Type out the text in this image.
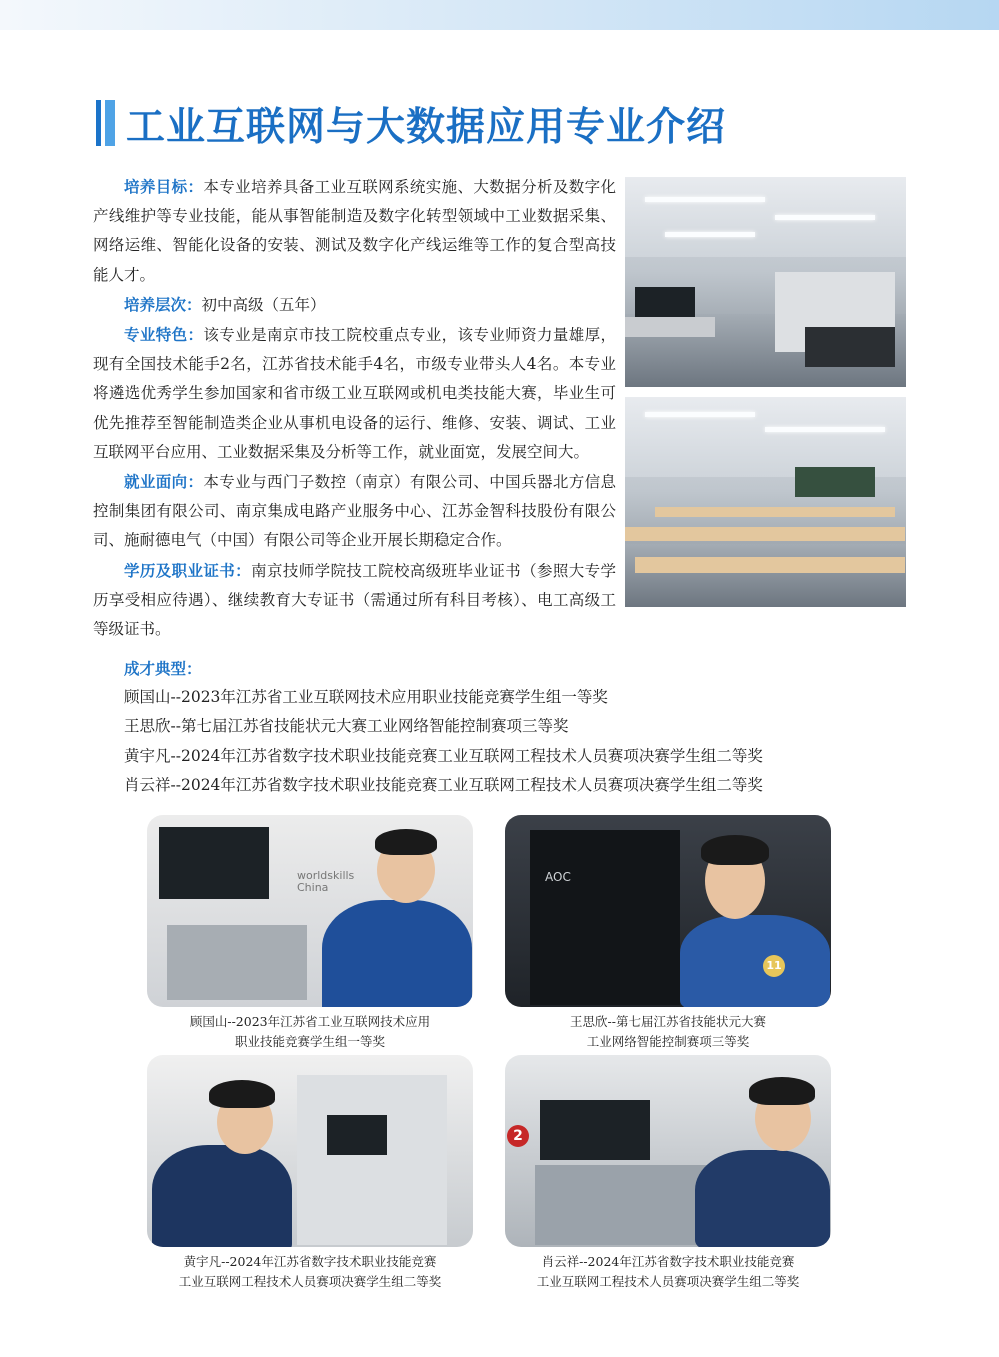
工业互联网与大数据应用专业介绍

培养目标：本专业培养具备工业互联网系统实施、大数据分析及数字化产线维护等专业技能，能从事智能制造及数字化转型领域中工业数据采集、网络运维、智能化设备的安装、测试及数字化产线运维等工作的复合型高技能人才。

培养层次：初中高级（五年）

专业特色：该专业是南京市技工院校重点专业，该专业师资力量雄厚，现有全国技术能手2名，江苏省技术能手4名，市级专业带头人4名。本专业将遴选优秀学生参加国家和省市级工业互联网或机电类技能大赛，毕业生可优先推荐至智能制造类企业从事机电设备的运行、维修、安装、调试、工业互联网平台应用、工业数据采集及分析等工作，就业面宽，发展空间大。

就业面向：本专业与西门子数控（南京）有限公司、中国兵器北方信息控制集团有限公司、南京集成电路产业服务中心、江苏金智科技股份有限公司、施耐德电气（中国）有限公司等企业开展长期稳定合作。

学历及职业证书：南京技师学院技工院校高级班毕业证书（参照大专学历享受相应待遇）、继续教育大专证书（需通过所有科目考核）、电工高级工等级证书。

成才典型：
顾国山--2023年江苏省工业互联网技术应用职业技能竞赛学生组一等奖
王思欣--第七届江苏省技能状元大赛工业网络智能控制赛项三等奖
黄宇凡--2024年江苏省数字技术职业技能竞赛工业互联网工程技术人员赛项决赛学生组二等奖
肖云祥--2024年江苏省数字技术职业技能竞赛工业互联网工程技术人员赛项决赛学生组二等奖
worldskills China
顾国山--2023年江苏省工业互联网技术应用
职业技能竞赛学生组一等奖
AOC
11
王思欣--第七届江苏省技能状元大赛
工业网络智能控制赛项三等奖
黄宇凡--2024年江苏省数字技术职业技能竞赛
工业互联网工程技术人员赛项决赛学生组二等奖
2
肖云祥--2024年江苏省数字技术职业技能竞赛
工业互联网工程技术人员赛项决赛学生组二等奖
